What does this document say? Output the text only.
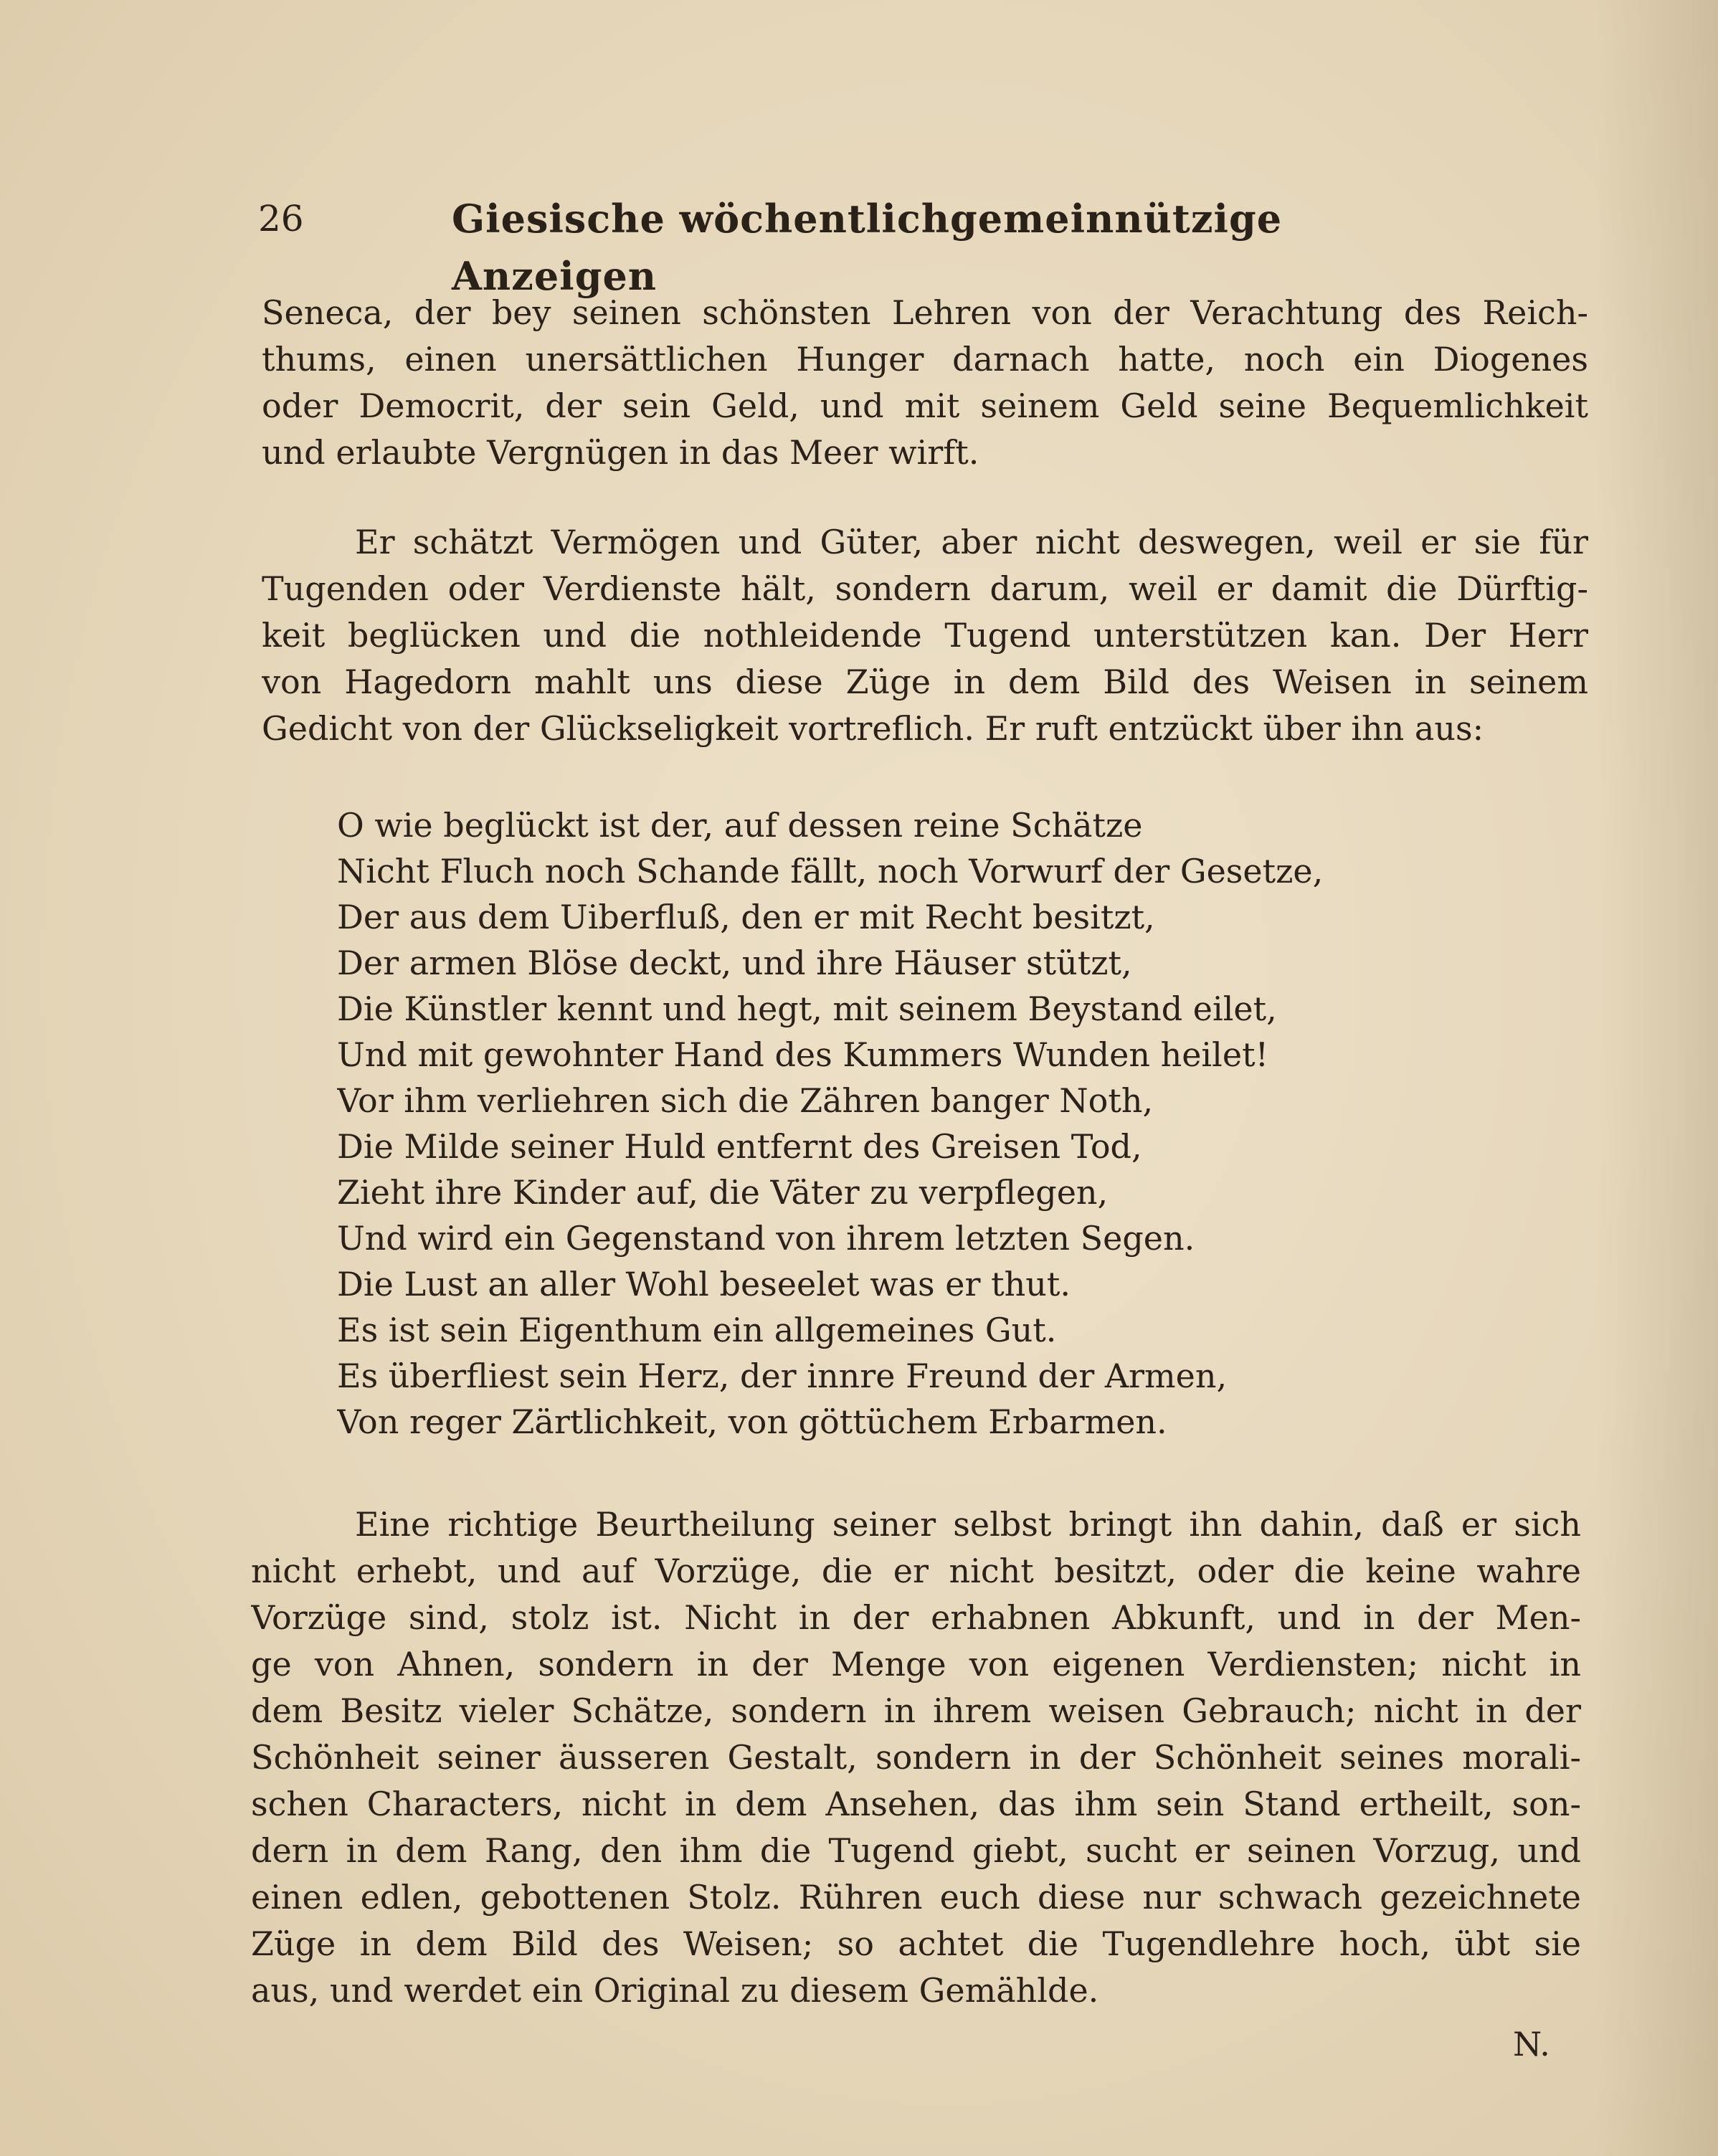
26	Giesische wöchentlichgemeinnützige Anzeigen
Seneca, der bey seinen schönsten Lehren von der Verachtung des Reich-
thums, einen unersättlichen Hunger darnach hatte, noch ein Diogenes
oder Democrit, der sein Geld, und mit seinem Geld seine Bequemlichkeit
und erlaubte Vergnügen in das Meer wirft.
Er schätzt Vermögen und Güter, aber nicht deswegen, weil er sie für
Tugenden oder Verdienste hält, sondern darum, weil er damit die Dürftig-
keit beglücken und die nothleidende Tugend unterstützen kan. Der Herr
von Hagedorn mahlt uns diese Züge in dem Bild des Weisen in seinem
Gedicht von der Glückseligkeit vortreflich. Er ruft entzückt über ihn aus:
O wie beglückt ist der, auf dessen reine Schätze
Nicht Fluch noch Schande fällt, noch Vorwurf der Gesetze,
Der aus dem Uiberfluß, den er mit Recht besitzt,
Der armen Blöse deckt, und ihre Häuser stützt,
Die Künstler kennt und hegt, mit seinem Beystand eilet,
Und mit gewohnter Hand des Kummers Wunden heilet!
Vor ihm verliehren sich die Zähren banger Noth,
Die Milde seiner Huld entfernt des Greisen Tod,
Zieht ihre Kinder auf, die Väter zu verpflegen,
Und wird ein Gegenstand von ihrem letzten Segen.
Die Lust an aller Wohl beseelet was er thut.
Es ist sein Eigenthum ein allgemeines Gut.
Es überfliest sein Herz, der innre Freund der Armen,
Von reger Zärtlichkeit, von göttüchem Erbarmen.
Eine richtige Beurtheilung seiner selbst bringt ihn dahin, daß er sich
nicht erhebt, und auf Vorzüge, die er nicht besitzt, oder die keine wahre
Vorzüge sind, stolz ist. Nicht in der erhabnen Abkunft, und in der Men-
ge von Ahnen, sondern in der Menge von eigenen Verdiensten; nicht in
dem Besitz vieler Schätze, sondern in ihrem weisen Gebrauch; nicht in der
Schönheit seiner äusseren Gestalt, sondern in der Schönheit seines morali-
schen Characters, nicht in dem Ansehen, das ihm sein Stand ertheilt, son-
dern in dem Rang, den ihm die Tugend giebt, sucht er seinen Vorzug, und
einen edlen, gebottenen Stolz. Rühren euch diese nur schwach gezeichnete
Züge in dem Bild des Weisen; so achtet die Tugendlehre hoch, übt sie
aus, und werdet ein Original zu diesem Gemählde.
N.
